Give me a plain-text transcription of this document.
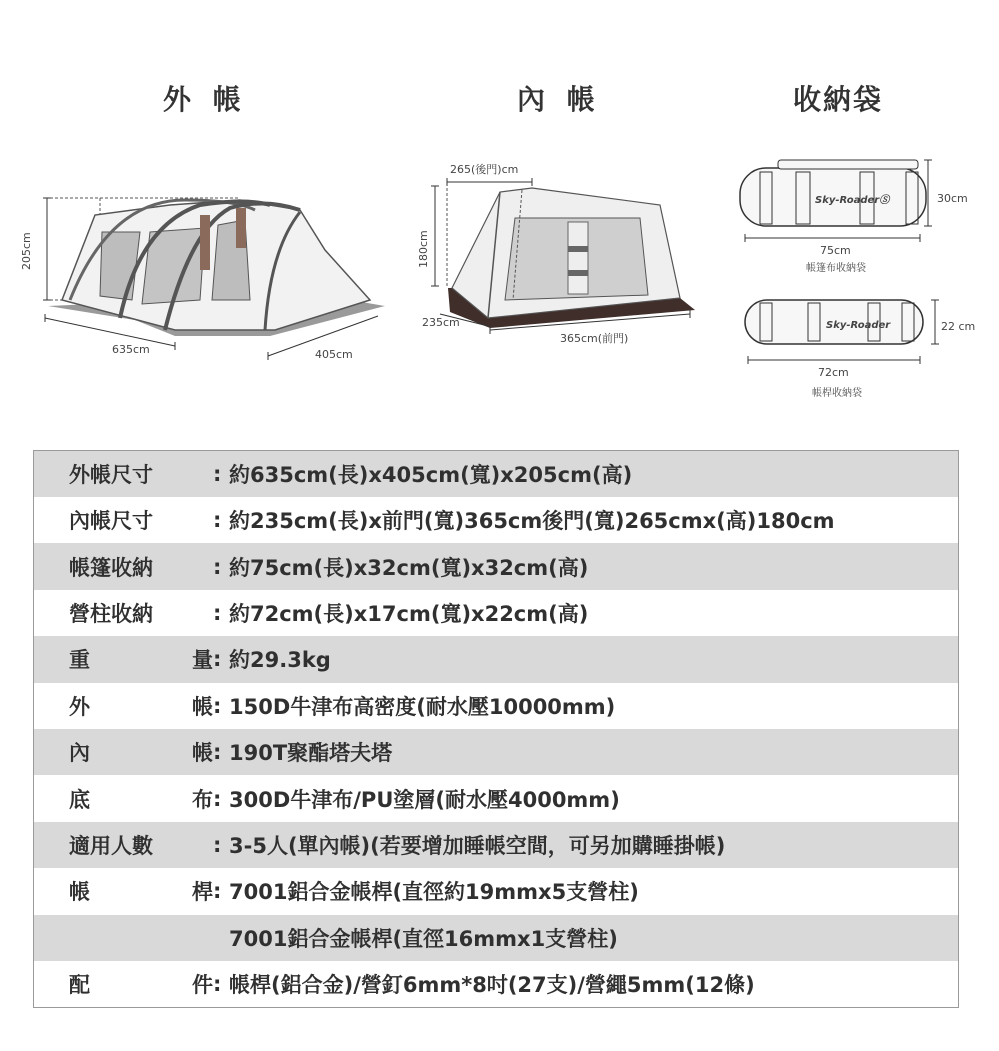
外 帳	內 帳	收納袋
205cm
635cm	405cm
265(後門)cm
180cm
235cm
365cm(前門)
Sky-RoaderⓈ	30cm
75cm
帳篷布收納袋
Sky-Roader	22 cm
72cm
帳桿收納袋
外帳尺寸	:	約635cm(長)x405cm(寬)x205cm(高)
內帳尺寸	:	約235cm(長)x前門(寬)365cm後門(寬)265cmx(高)180cm
帳篷收納	:	約75cm(長)x32cm(寬)x32cm(高)
營柱收納	:	約72cm(長)x17cm(寬)x22cm(高)
重量	:	約29.3kg
外帳	:	150D牛津布高密度(耐水壓10000mm)
內帳	:	190T聚酯塔夫塔
底布	:	300D牛津布/PU塗層(耐水壓4000mm)
適用人數	:	3-5人(單內帳)(若要增加睡帳空間，可另加購睡掛帳)
帳桿	:	7001鋁合金帳桿(直徑約19mmx5支營柱)
		7001鋁合金帳桿(直徑16mmx1支營柱)
配件	:	帳桿(鋁合金)/營釘6mm*8吋(27支)/營繩5mm(12條)
